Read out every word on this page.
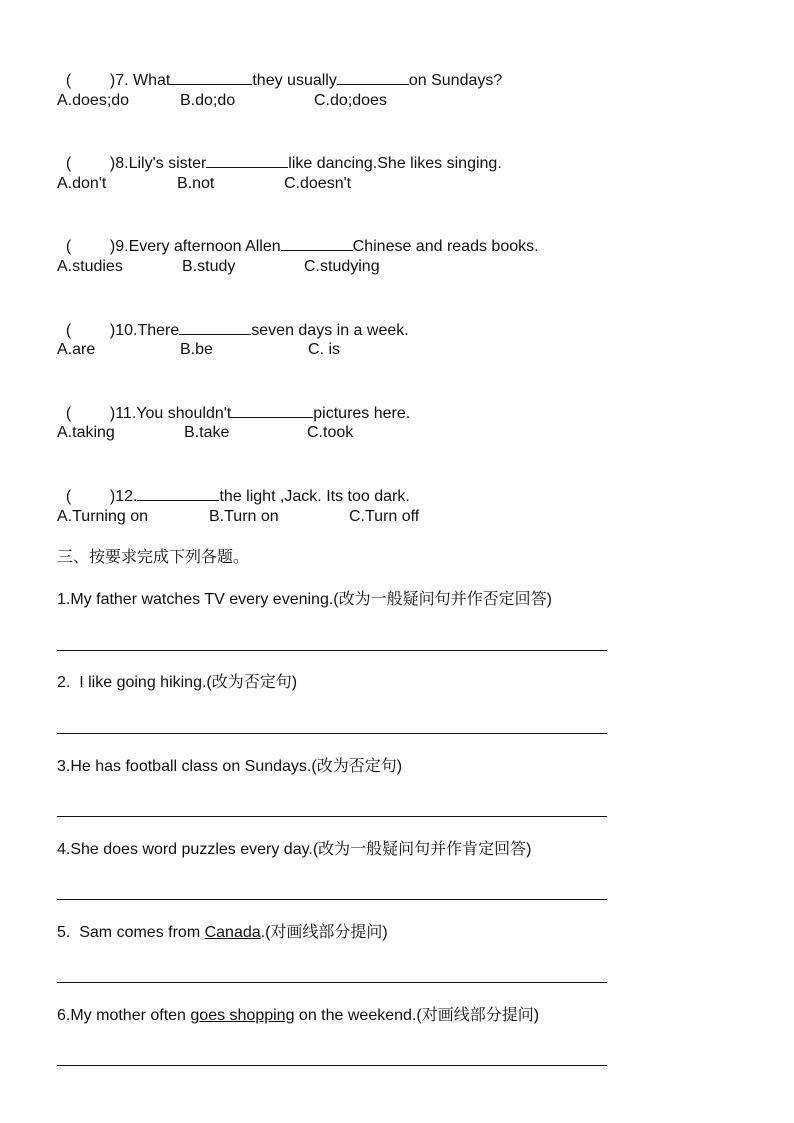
( )7. What	they usually	on Sundays?

A.does;do	B.do;do	C.do;does

( )8.Lily's sister	like dancing.She likes singing.

A.don't	B.not	C.doesn't

( )9.Every afternoon Allen	Chinese and reads books.

A.studies	B.study	C.studying

( )10.There	seven days in a week.

A.are	B.be	C. is

( )11.You shouldn't	pictures here.

A.taking	B.take	C.took

( )12.	the light ,Jack. Its too dark.

A.Turning on	B.Turn on	C.Turn off
三、按要求完成下列各题。
1.My father watches TV every evening.(改为一般疑问句并作否定回答)
2.  I like going hiking.(改为否定句)
3.He has football class on Sundays.(改为否定句)
4.She does word puzzles every day.(改为一般疑问句并作肯定回答)
5.  Sam comes from Canada.(对画线部分提问)
6.My mother often goes shopping on the weekend.(对画线部分提问)
